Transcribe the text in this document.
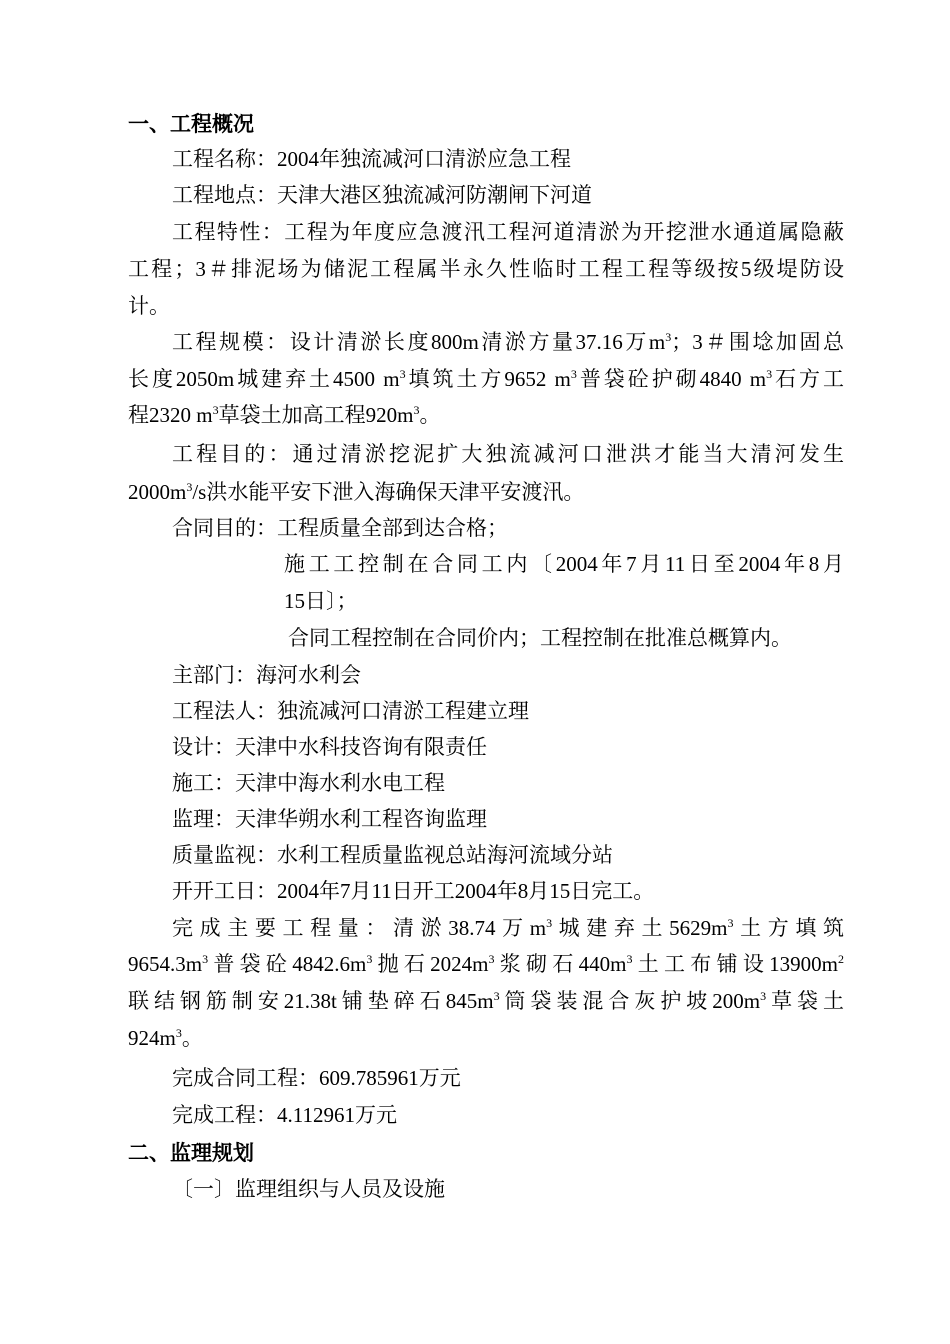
一、工程概况
工程名称：2004年独流减河口清淤应急工程
工程地点：天津大港区独流减河防潮闸下河道
工程特性：工程为年度应急渡汛工程河道清淤为开挖泄水通道属隐蔽
工程；3＃排泥场为储泥工程属半永久性临时工程工程等级按5级堤防设
计。
工程规模：设计清淤长度800m清淤方量37.16万$m^3$；3＃围埝加固总
长度2050m城建弃土4500 $m^3$填筑土方9652 $m^3$普袋砼护砌4840 $m^3$石方工
程2320 $m^3$草袋土加高工程$920m^3$。
工程目的：通过清淤挖泥扩大独流减河口泄洪才能当大清河发生
$2000m^3/s$洪水能平安下泄入海确保天津平安渡汛。
合同目的：工程质量全部到达合格；
施工工控制在合同工内〔2004年7月11日至2004年8月
15日〕；
合同工程控制在合同价内；工程控制在批准总概算内。
主部门：海河水利会
工程法人：独流减河口清淤工程建立理
设计：天津中水科技咨询有限责任
施工：天津中海水利水电工程
监理：天津华朔水利工程咨询监理
质量监视：水利工程质量监视总站海河流域分站
开开工日：2004年7月11日开工2004年8月15日完工。
完成主要工程量：清淤38.74万$m^3$城建弃土$5629m^3$土方填筑
$9654.3m^3$普袋砼$4842.6m^3$抛石$2024m^3$浆砌石$440m^3$土工布铺设$13900m^2$
联结钢筋制安21.38t铺垫碎石$845m^3$筒袋装混合灰护坡$200m^3$草袋土
$924m^3$。
完成合同工程：609.785961万元
完成工程：4.112961万元
二、监理规划
〔一〕监理组织与人员及设施
